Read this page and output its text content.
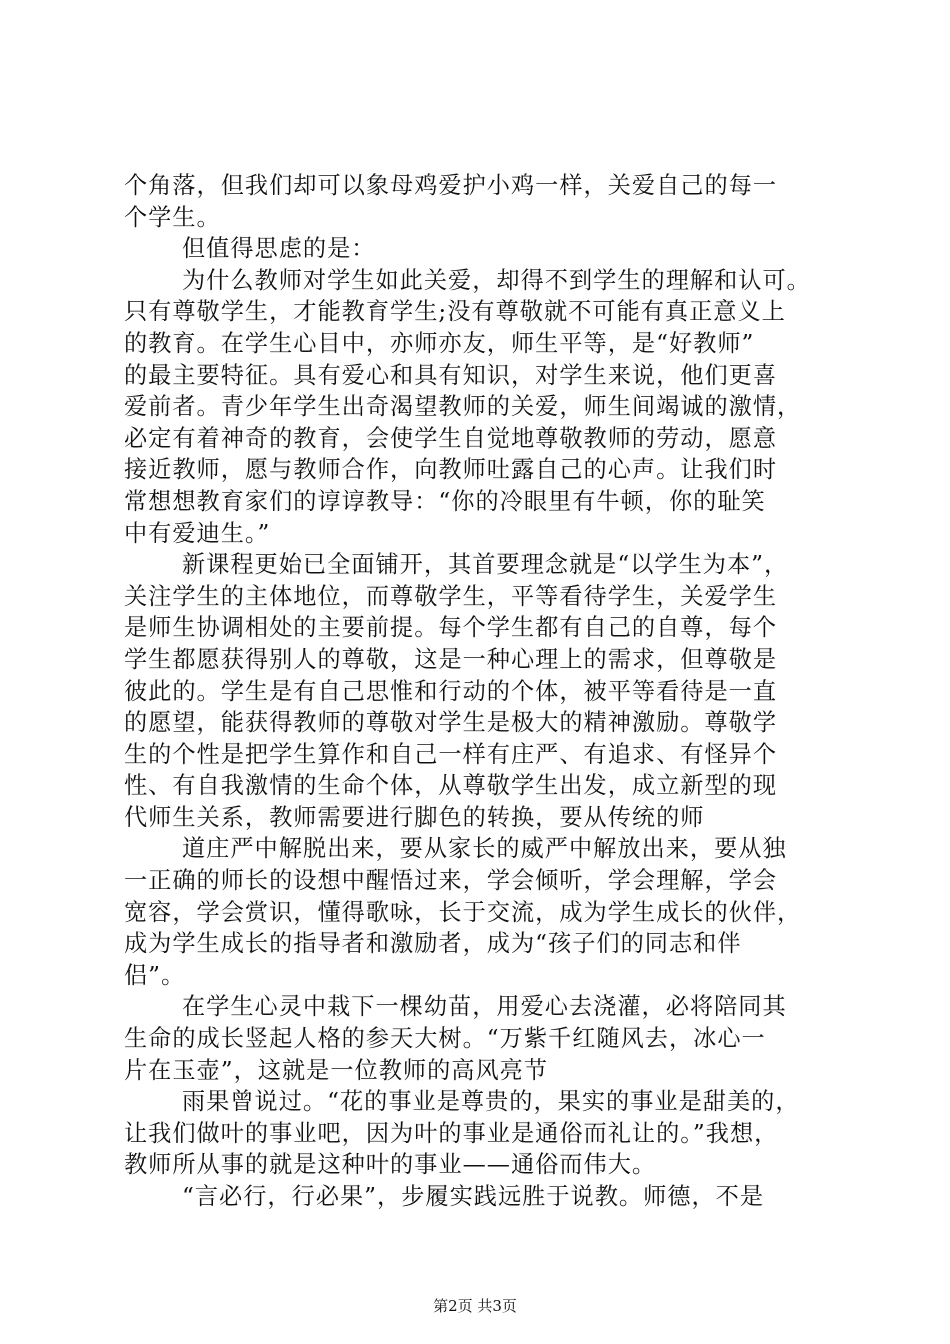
个角落，但我们却可以象母鸡爱护小鸡一样，关爱自己的每一
个学生。
但值得思虑的是：
为什么教师对学生如此关爱，却得不到学生的理解和认可。
只有尊敬学生，才能教育学生;没有尊敬就不可能有真正意义上
的教育。在学生心目中，亦师亦友，师生平等，是“好教师”
的最主要特征。具有爱心和具有知识，对学生来说，他们更喜
爱前者。青少年学生出奇渴望教师的关爱，师生间竭诚的激情，
必定有着神奇的教育，会使学生自觉地尊敬教师的劳动，愿意
接近教师，愿与教师合作，向教师吐露自己的心声。让我们时
常想想教育家们的谆谆教导：“你的冷眼里有牛顿，你的耻笑
中有爱迪生。”
新课程更始已全面铺开，其首要理念就是“以学生为本”，
关注学生的主体地位，而尊敬学生，平等看待学生，关爱学生
是师生协调相处的主要前提。每个学生都有自己的自尊，每个
学生都愿获得别人的尊敬，这是一种心理上的需求，但尊敬是
彼此的。学生是有自己思惟和行动的个体，被平等看待是一直
的愿望，能获得教师的尊敬对学生是极大的精神激励。尊敬学
生的个性是把学生算作和自己一样有庄严、有追求、有怪异个
性、有自我激情的生命个体，从尊敬学生出发，成立新型的现
代师生关系，教师需要进行脚色的转换，要从传统的师
道庄严中解脱出来，要从家长的威严中解放出来，要从独
一正确的师长的设想中醒悟过来，学会倾听，学会理解，学会
宽容，学会赏识，懂得歌咏，长于交流，成为学生成长的伙伴，
成为学生成长的指导者和激励者，成为“孩子们的同志和伴
侣”。
在学生心灵中栽下一棵幼苗，用爱心去浇灌，必将陪同其
生命的成长竖起人格的参天大树。“万紫千红随风去，冰心一
片在玉壶”，这就是一位教师的高风亮节
雨果曾说过。“花的事业是尊贵的，果实的事业是甜美的，
让我们做叶的事业吧，因为叶的事业是通俗而礼让的。”我想，
教师所从事的就是这种叶的事业——通俗而伟大。
“言必行，行必果”，步履实践远胜于说教。师德，不是
第2页 共3页
